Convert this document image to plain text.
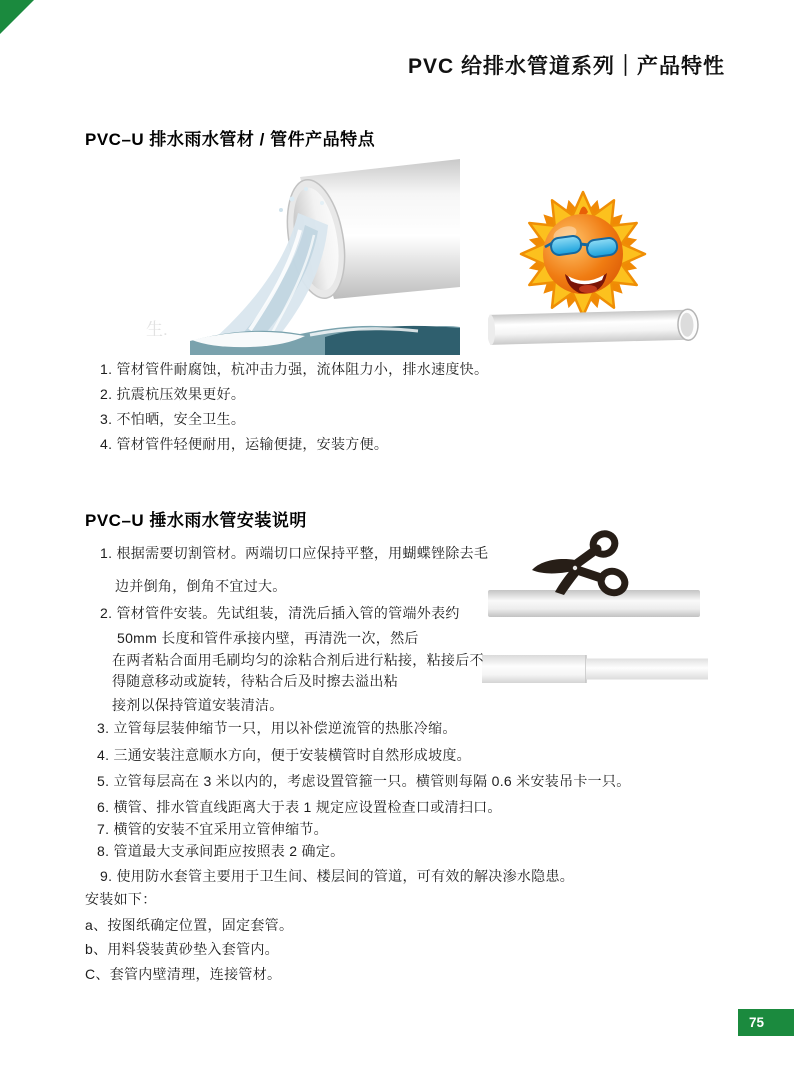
PVC 给排水管道系列｜产品特性
PVC–U 排水雨水管材 / 管件产品特点
生.
1. 管材管件耐腐蚀，杭冲击力强，流体阻力小，排水速度快。
2. 抗震杭压效果更好。
3. 不怕晒，安全卫生。
4. 管材管件轻便耐用，运输便捷，安装方便。
PVC–U 捶水雨水管安装说明
1. 根据需要切割管材。两端切口应保持平整，用蝴蝶锉除去毛
边并倒角，倒角不宜过大。
2. 管材管件安装。先试组装，清洗后插入管的管端外表约
50mm 长度和管件承接内壁，再清洗一次，然后
在两者粘合面用毛刷均匀的涂粘合剂后进行粘接，粘接后不
得随意移动或旋转，待粘合后及时擦去溢出粘
接剂以保持管道安装清洁。
3. 立管每层装伸缩节一只，用以补偿逆流管的热胀冷缩。
4. 三通安装注意顺水方向，便于安装横管时自然形成坡度。
5. 立管每层高在 3 米以内的，考虑设置管箍一只。横管则每隔 0.6 米安装吊卡一只。
6. 横管、排水管直线距离大于表 1 规定应设置检查口或清扫口。
7. 横管的安装不宜采用立管伸缩节。
8. 管道最大支承间距应按照表 2 确定。
9. 使用防水套管主要用于卫生间、楼层间的管道，可有效的解决渗水隐患。
安装如下：
a、按图纸确定位置，固定套管。
b、用料袋装黄砂垫入套管内。
C、套管内壁清理，连接管材。
75
